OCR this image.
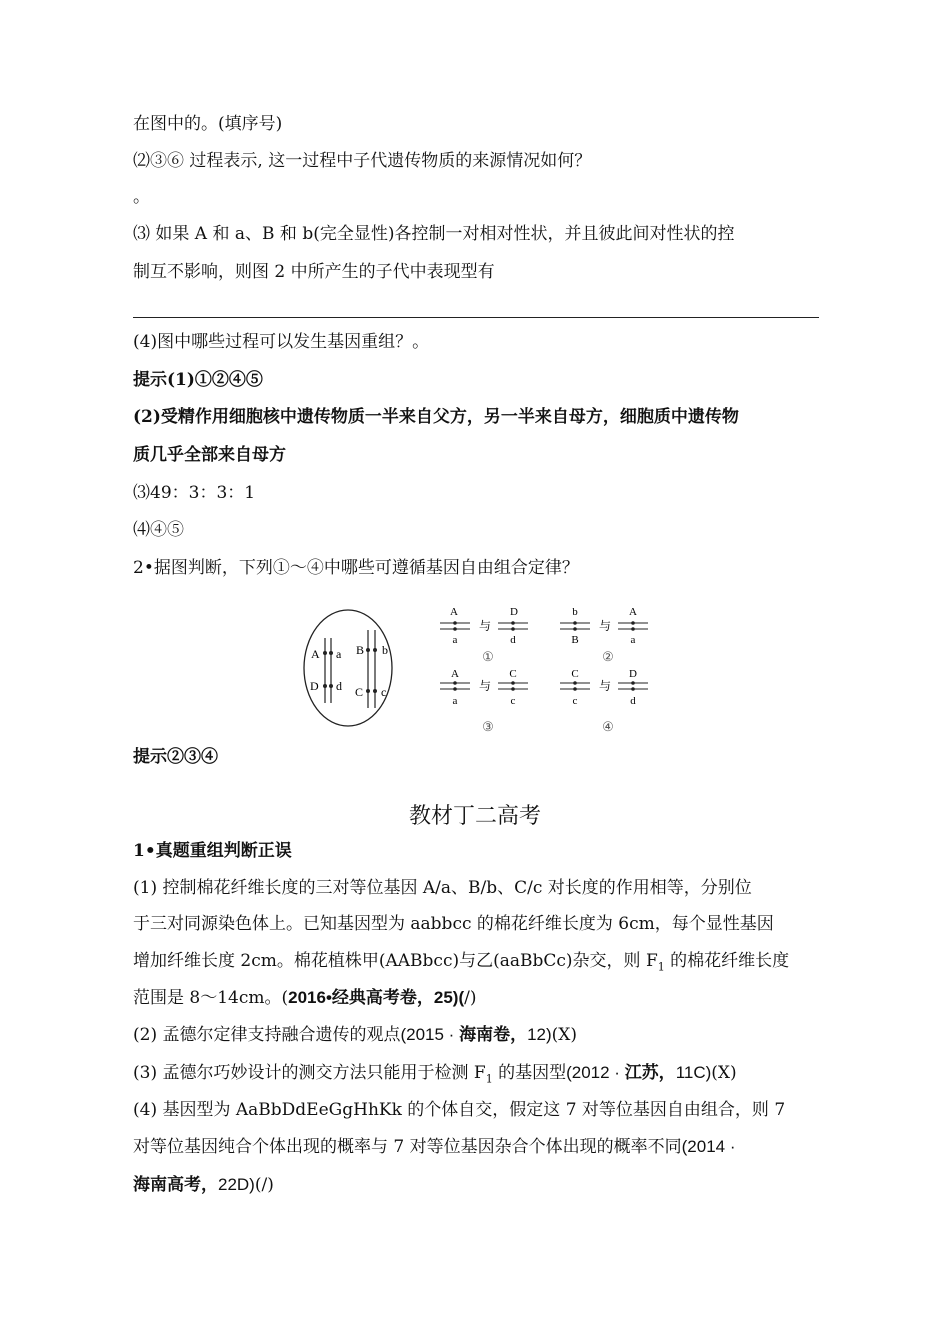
在图中的。(填序号)
⑵③⑥ 过程表示, 这一过程中子代遗传物质的来源情况如何？
。
⑶ 如果 A 和 a、B 和 b(完全显性)各控制一对相对性状，并且彼此间对性状的控
制互不影响，则图 2 中所产生的子代中表现型有
(4)图中哪些过程可以发生基因重组？。
提示(1)①②④⑤
(2)受精作用细胞核中遗传物质一半来自父方，另一半来自母方，细胞质中遗传物
质几乎全部来自母方
⑶49：3：3：1
⑷④⑤
2•据图判断，下列①〜④中哪些可遵循基因自由组合定律？
A a B b
D d C c
A
a
与
D
d
①
b
B
与
A
a
②
A
a
与
C
c
③
C
c
与
D
d
④
提示②③④
教材丁二高考
1•真题重组判断正误
(1) 控制棉花纤维长度的三对等位基因 A/a、B/b、C/c 对长度的作用相等，分别位
于三对同源染色体上。已知基因型为 aabbcc 的棉花纤维长度为 6cm，每个显性基因
增加纤维长度 2cm。棉花植株甲(AABbcc)与乙(aaBbCc)杂交，则 $F_1$ 的棉花纤维长度
范围是 8〜14cm。(2016•经典高考卷，25)(/)
(2) 孟德尔定律支持融合遗传的观点(2015 · 海南卷，12)(X)
(3) 孟德尔巧妙设计的测交方法只能用于检测 $F_1$ 的基因型(2012 · 江苏，11C)(X)
(4) 基因型为 AaBbDdEeGgHhKk 的个体自交，假定这 7 对等位基因自由组合，则 7
对等位基因纯合个体出现的概率与 7 对等位基因杂合个体出现的概率不同(2014 ·
海南高考，22D)(/)
